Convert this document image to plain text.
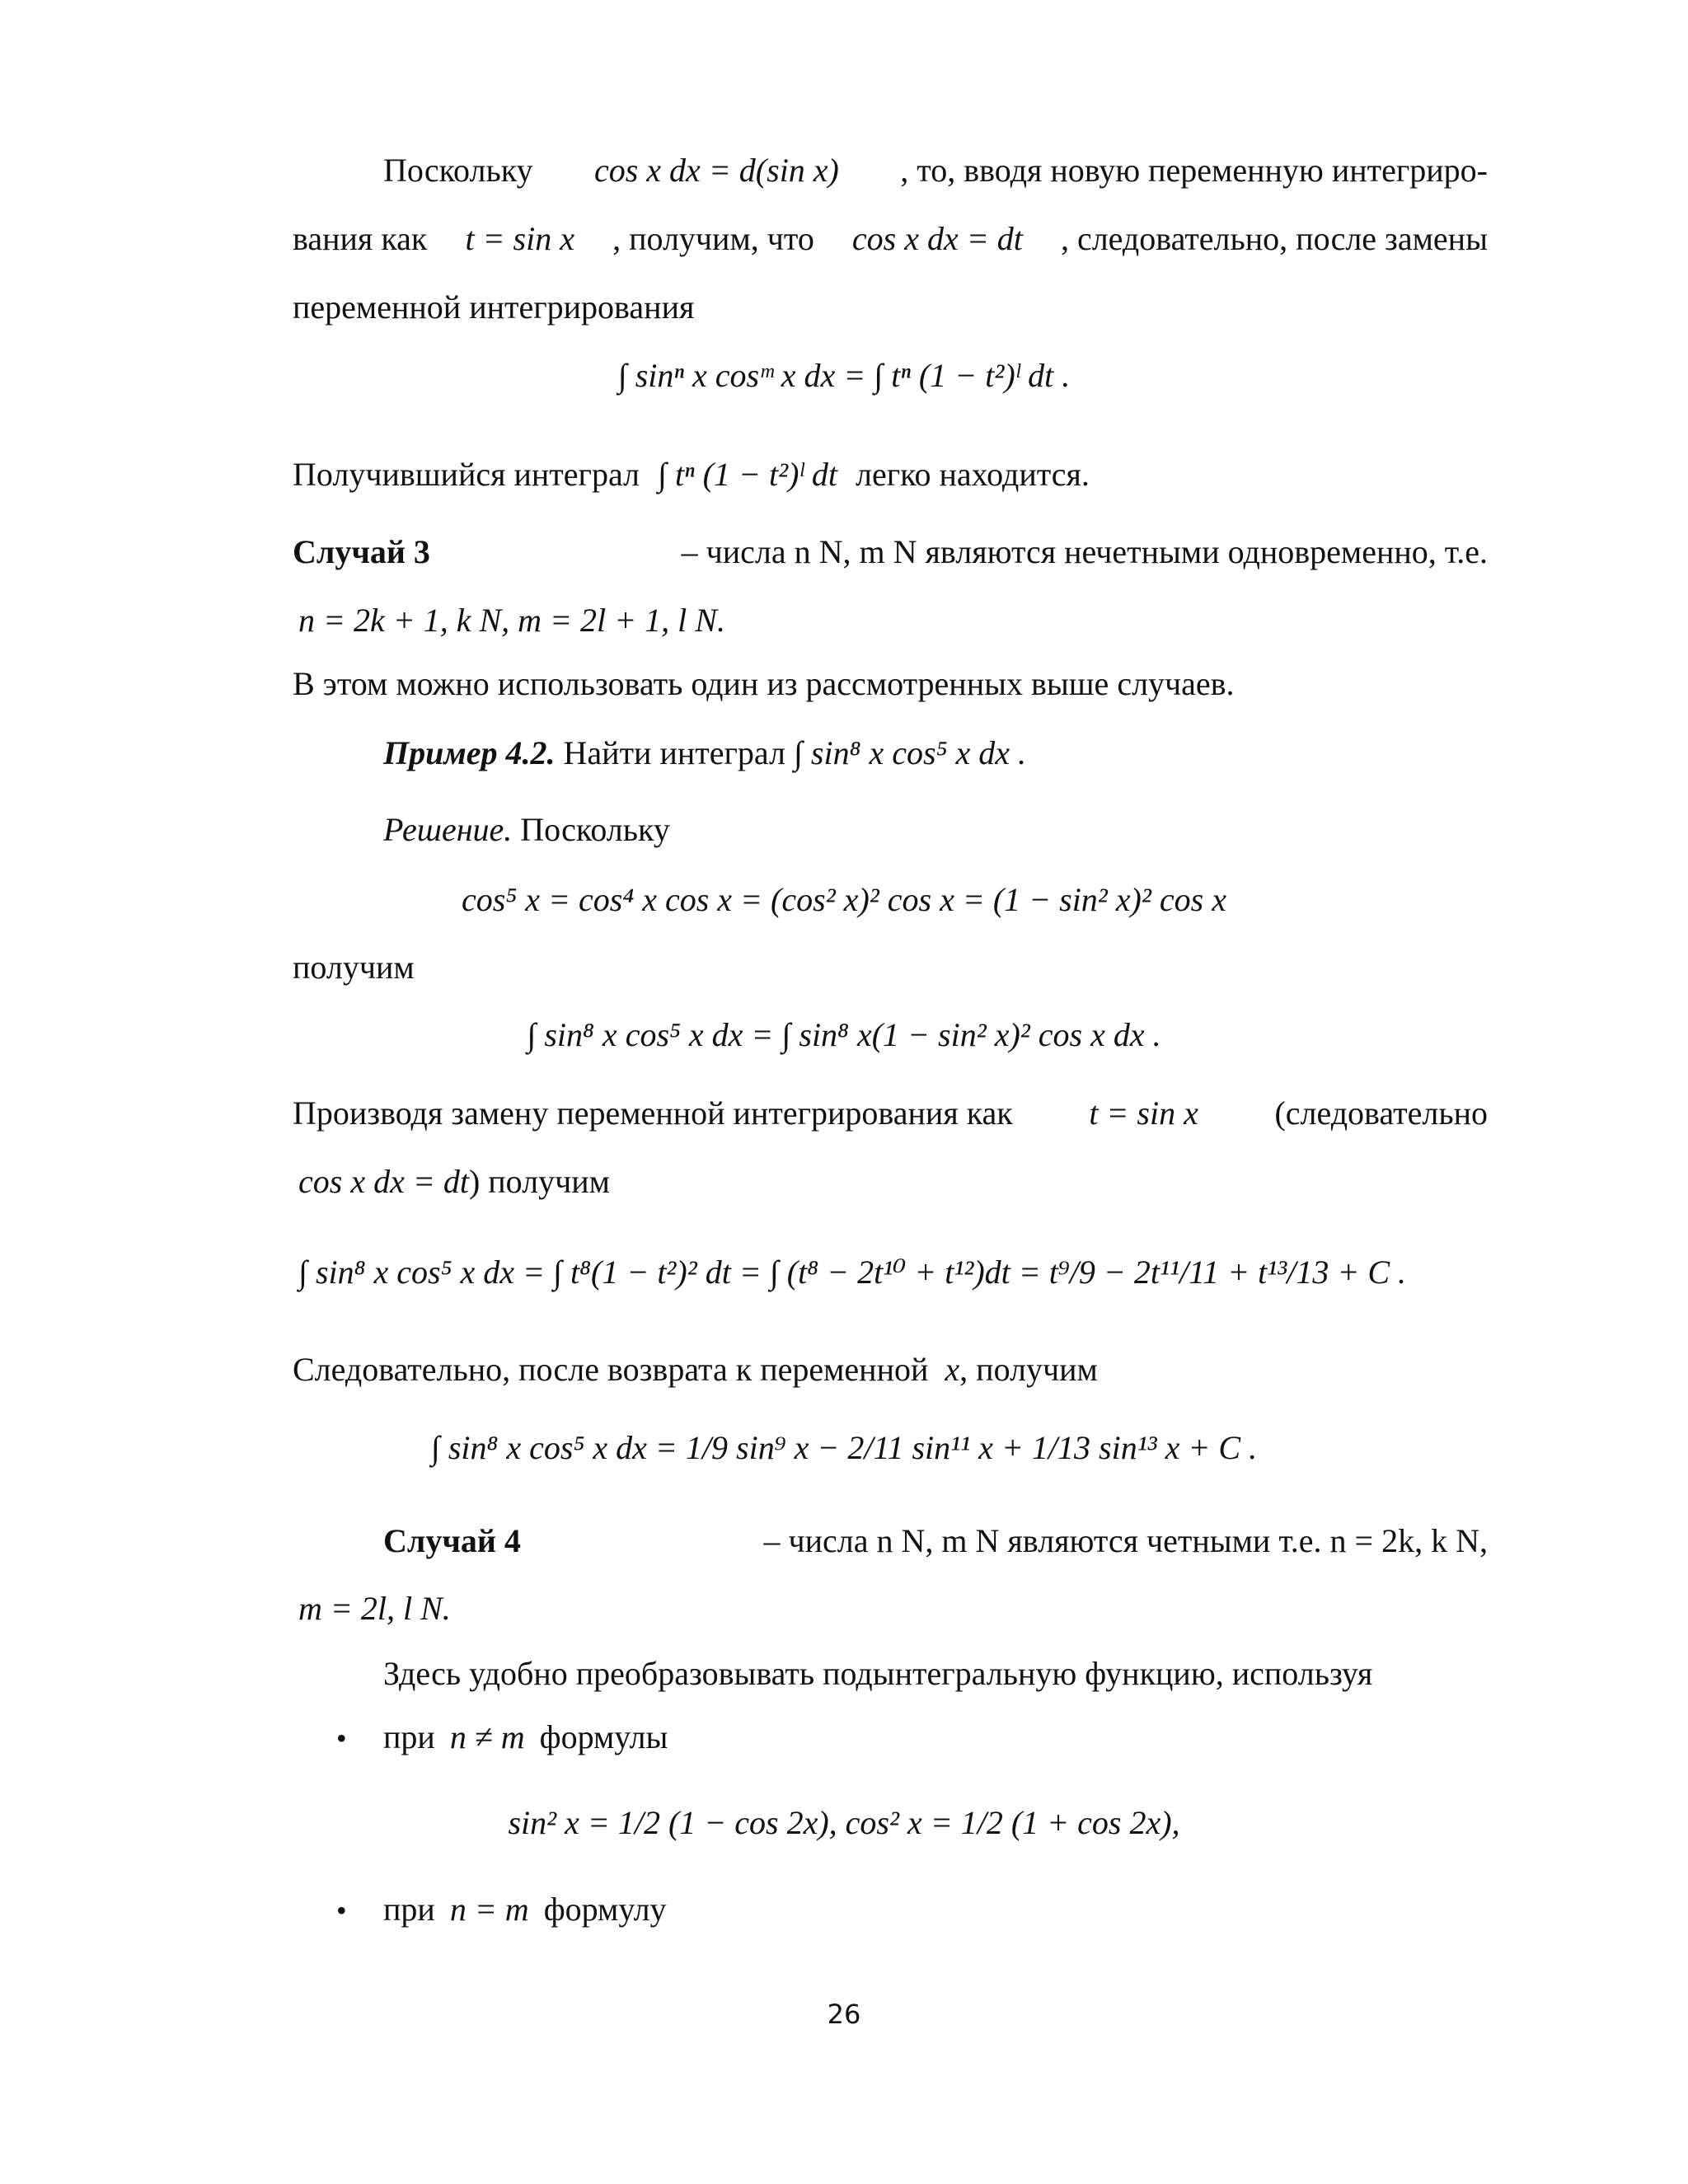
Поскольку cos x dx = d(sin x) , то, вводя новую переменную интегриро-
вания как t = sin x , получим, что cos x dx = dt , следовательно, после замены
переменной интегрирования
∫ sinⁿ x cosᵐ x dx = ∫ tⁿ (1 − t²)ˡ dt .
Получившийся интеграл ∫ tⁿ (1 − t²)ˡ dt легко находится.
Случай 3	– числа n N, m N являются нечетными одновременно, т.е.
n = 2k + 1, k N, m = 2l + 1, l N.
В этом можно использовать один из рассмотренных выше случаев.
Пример 4.2. Найти интеграл ∫ sin⁸ x cos⁵ x dx .
Решение. Поскольку
cos⁵ x = cos⁴ x cos x = (cos² x)² cos x = (1 − sin² x)² cos x
получим
∫ sin⁸ x cos⁵ x dx = ∫ sin⁸ x(1 − sin² x)² cos x dx .
Производя замену переменной интегрирования как t = sin x (следовательно
cos x dx = dt) получим
∫ sin⁸ x cos⁵ x dx = ∫ t⁸(1 − t²)² dt = ∫ (t⁸ − 2t¹⁰ + t¹²)dt = t⁹/9 − 2t¹¹/11 + t¹³/13 + C .
Следовательно, после возврата к переменной x, получим
∫ sin⁸ x cos⁵ x dx = 1/9 sin⁹ x − 2/11 sin¹¹ x + 1/13 sin¹³ x + C .
Случай 4	– числа n N, m N являются четными т.е. n = 2k, k N,
m = 2l, l N.
Здесь удобно преобразовывать подынтегральную функцию, используя
• при n ≠ m формулы
sin² x = 1/2 (1 − cos 2x), cos² x = 1/2 (1 + cos 2x),
• при n = m формулу
26
